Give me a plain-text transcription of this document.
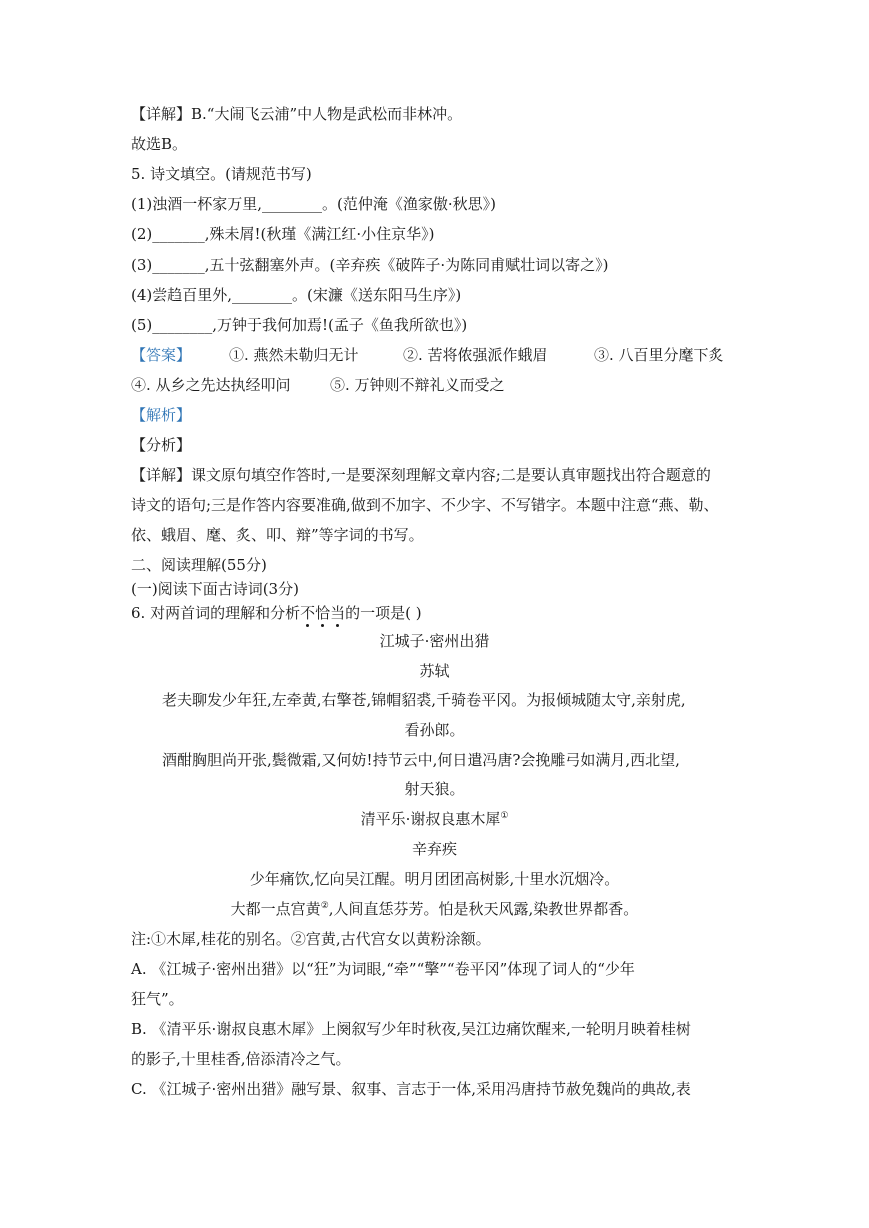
【详解】B.“大闹飞云浦”中人物是武松而非林冲。
故选B。
5. 诗文填空。(请规范书写)
(1)浊酒一杯家万里,________。(范仲淹《渔家傲·秋思》)
(2)_______,殊未屑!(秋瑾《满江红·小住京华》)
(3)_______,五十弦翻塞外声。(辛弃疾《破阵子·为陈同甫赋壮词以寄之》)
(4)尝趋百里外,________。(宋濂《送东阳马生序》)
(5)________,万钟于我何加焉!(孟子《鱼我所欲也》)
【答案】	①. 燕然未勒归无计	②. 苦将侬强派作蛾眉	③. 八百里分麾下炙
④. 从乡之先达执经叩问	⑤. 万钟则不辩礼义而受之
【解析】
【分析】
【详解】课文原句填空作答时,一是要深刻理解文章内容;二是要认真审题找出符合题意的
诗文的语句;三是作答内容要准确,做到不加字、不少字、不写错字。本题中注意“燕、勒、
依、蛾眉、麾、炙、叩、辩”等字词的书写。
二、阅读理解(55分)
(一)阅读下面古诗词(3分)
6. 对两首词的理解和分析不恰当的一项是( )
江城子·密州出猎
苏轼
老夫聊发少年狂,左牵黄,右擎苍,锦帽貂裘,千骑卷平冈。为报倾城随太守,亲射虎,
看孙郎。
酒酣胸胆尚开张,鬓微霜,又何妨!持节云中,何日遣冯唐?会挽雕弓如满月,西北望,
射天狼。
清平乐·谢叔良惠木犀①
辛弃疾
少年痛饮,忆向吴江醒。明月团团高树影,十里水沉烟冷。
大都一点宫黄②,人间直恁芬芳。怕是秋天风露,染教世界都香。
注:①木犀,桂花的别名。②宫黄,古代宫女以黄粉涂额。
A. 《江城子·密州出猎》以“狂”为词眼,“牵”“擎”“卷平冈”体现了词人的“少年
狂气”。
B. 《清平乐·谢叔良惠木犀》上阕叙写少年时秋夜,吴江边痛饮醒来,一轮明月映着桂树
的影子,十里桂香,倍添清冷之气。
C. 《江城子·密州出猎》融写景、叙事、言志于一体,采用冯唐持节赦免魏尚的典故,表
